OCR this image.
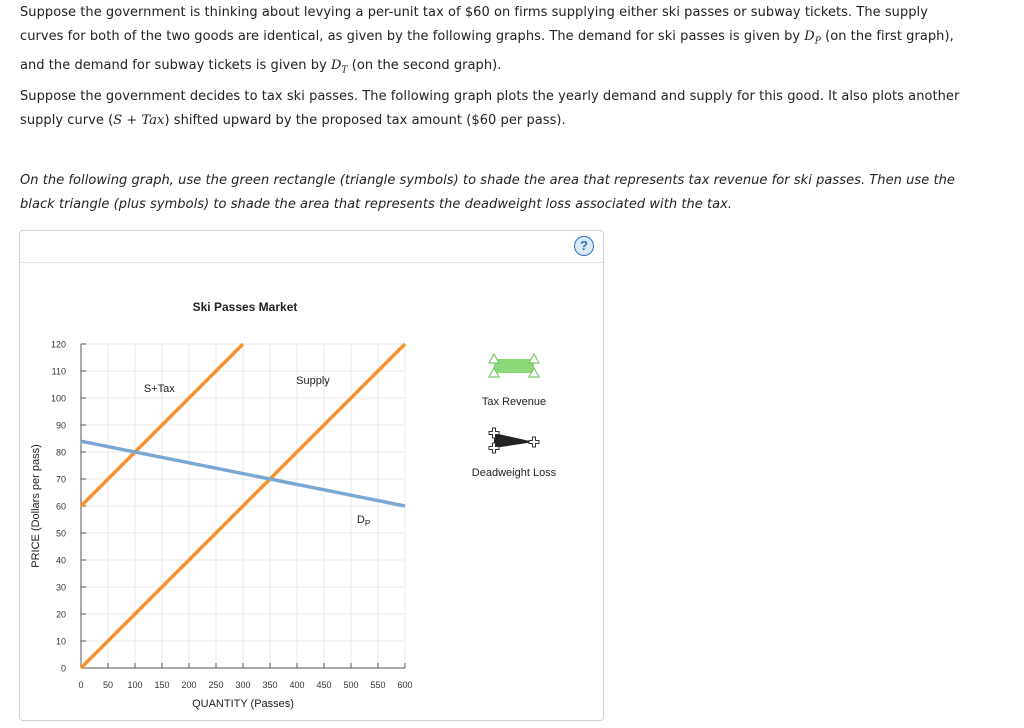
Suppose the government is thinking about levying a per-unit tax of $60 on firms supplying either ski passes or subway tickets. The supply curves for both of the two goods are identical, as given by the following graphs. The demand for ski passes is given by $D_P$ (on the first graph), and the demand for subway tickets is given by $D_T$ (on the second graph).

Suppose the government decides to tax ski passes. The following graph plots the yearly demand and supply for this good. It also plots another supply curve (S + Tax) shifted upward by the proposed tax amount ($60 per pass).

On the following graph, use the green rectangle (triangle symbols) to shade the area that represents tax revenue for ski passes. Then use the black triangle (plus symbols) to shade the area that represents the deadweight loss associated with the tax.

?
Ski Passes Market
0
10
20
30
40
50
60
70
80
90
100
110
120
0 50 100 150 200 250 300 350 400 450 500 550 600
QUANTITY (Passes)
PRICE (Dollars per pass)
Supply
S+Tax
$D_P$
Tax Revenue
Deadweight Loss
